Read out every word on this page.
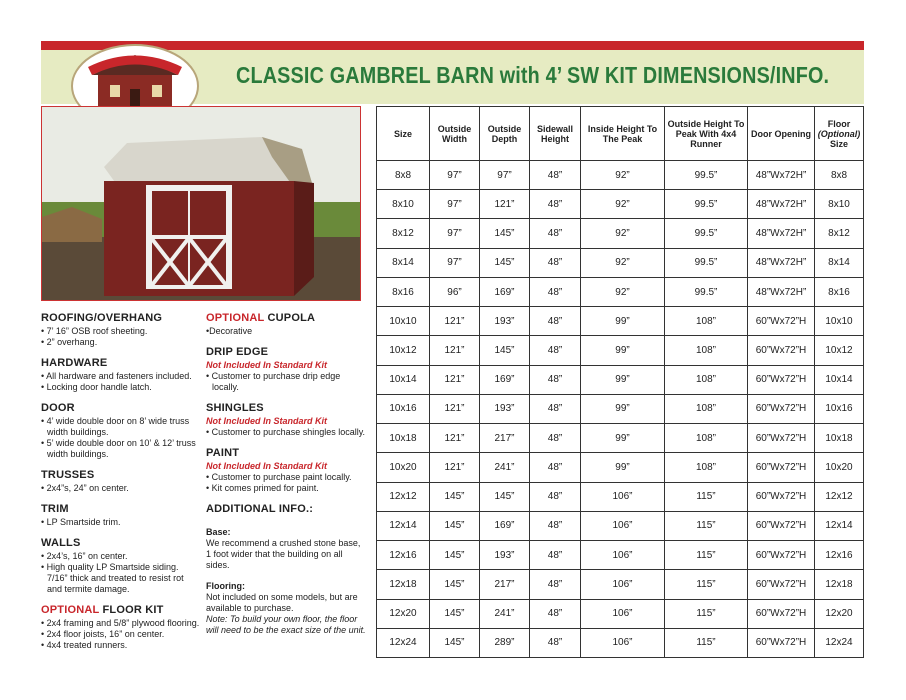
CLASSIC GAMBREL BARN with 4’ SW KIT DIMENSIONS/INFO.
ROOFING/OVERHANG
• 7’ 16” OSB roof sheeting.
• 2” overhang.
HARDWARE
• All hardware and fasteners included.
• Locking door handle latch.
DOOR
• 4’ wide double door on 8’ wide truss width buildings.
• 5’ wide double door on 10’ & 12’ truss width buildings.
TRUSSES
• 2x4”s, 24” on center.
TRIM
• LP Smartside trim.
WALLS
• 2x4’s, 16” on center.
• High quality LP Smartside siding. 7/16” thick and treated to resist rot and termite damage.
OPTIONAL FLOOR KIT
• 2x4 framing and 5/8” plywood flooring.
• 2x4 floor joists, 16” on center.
• 4x4 treated runners.
OPTIONAL CUPOLA
•Decorative
DRIP EDGE
Not Included In Standard Kit
• Customer to purchase drip edge locally.
SHINGLES
Not Included In Standard Kit
• Customer to purchase shingles locally.
PAINT
Not Included In Standard Kit
• Customer to purchase paint locally.
• Kit comes primed for paint.
ADDITIONAL INFO.:
Base:
We recommend a crushed stone base, 1 foot wider that the building on all sides.
Flooring:
Not included on some models, but are available to purchase.
Note: To build your own floor, the floor will need to be the exact size of the unit.
Size	Outside Width	Outside Depth	Sidewall Height	Inside Height To The Peak	Outside Height To Peak With 4x4 Runner	Door Opening	Floor
(Optional)
Size
8x8	97”	97”	48”	92”	99.5”	48”Wx72H”	8x8
8x10	97”	121”	48”	92”	99.5”	48”Wx72H”	8x10
8x12	97”	145”	48”	92”	99.5”	48”Wx72H”	8x12
8x14	97”	145”	48”	92”	99.5”	48”Wx72H”	8x14
8x16	96”	169”	48”	92”	99.5”	48”Wx72H”	8x16
10x10	121”	193”	48”	99”	108”	60”Wx72”H	10x10
10x12	121”	145”	48”	99”	108”	60”Wx72”H	10x12
10x14	121”	169”	48”	99”	108”	60”Wx72”H	10x14
10x16	121”	193”	48”	99”	108”	60”Wx72”H	10x16
10x18	121”	217”	48”	99”	108”	60”Wx72”H	10x18
10x20	121”	241”	48”	99”	108”	60”Wx72”H	10x20
12x12	145”	145”	48”	106”	115”	60”Wx72”H	12x12
12x14	145”	169”	48”	106”	115”	60”Wx72”H	12x14
12x16	145”	193”	48”	106”	115”	60”Wx72”H	12x16
12x18	145”	217”	48”	106”	115”	60”Wx72”H	12x18
12x20	145”	241”	48”	106”	115”	60”Wx72”H	12x20
12x24	145”	289”	48”	106”	115”	60”Wx72”H	12x24
